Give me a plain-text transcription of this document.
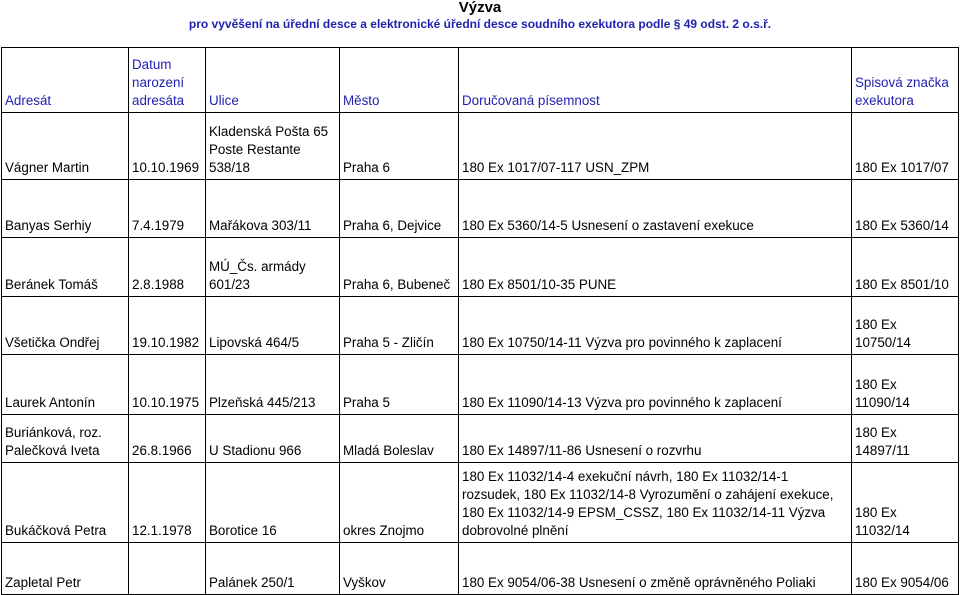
Výzva
pro vyvěšení na úřední desce a elektronické úřední desce soudního exekutora podle § 49 odst. 2 o.s.ř.
Adresát	Datum narození adresáta	Ulice	Město	Doručovaná písemnost	Spisová značka exekutora
Vágner Martin	10.10.1969	Kladenská Pošta 65 Poste Restante 538/18	Praha 6	180 Ex 1017/07-117 USN_ZPM	180 Ex 1017/07
Banyas Serhiy	7.4.1979	Mařákova 303/11	Praha 6, Dejvice	180 Ex 5360/14-5 Usnesení o zastavení exekuce	180 Ex 5360/14
Beránek Tomáš	2.8.1988	MÚ_Čs. armády 601/23	Praha 6, Bubeneč	180 Ex 8501/10-35 PUNE	180 Ex 8501/10
Všetička Ondřej	19.10.1982	Lipovská 464/5	Praha 5 - Zličín	180 Ex 10750/14-11 Výzva pro povinného k zaplacení	180 Ex 10750/14
Laurek Antonín	10.10.1975	Plzeňská 445/213	Praha 5	180 Ex 11090/14-13 Výzva pro povinného k zaplacení	180 Ex 11090/14
Buriánková, roz. Palečková Iveta	26.8.1966	U Stadionu 966	Mladá Boleslav	180 Ex 14897/11-86 Usnesení o rozvrhu	180 Ex 14897/11
Bukáčková Petra	12.1.1978	Borotice 16	okres Znojmo	180 Ex 11032/14-4 exekuční návrh, 180 Ex 11032/14-1 rozsudek, 180 Ex 11032/14-8 Vyrozumění o zahájení exekuce, 180 Ex 11032/14-9 EPSM_CSSZ, 180 Ex 11032/14-11 Výzva dobrovolné plnění	180 Ex 11032/14
Zapletal Petr		Palánek 250/1	Vyškov	180 Ex 9054/06-38 Usnesení o změně oprávněného Poliaki	180 Ex 9054/06
